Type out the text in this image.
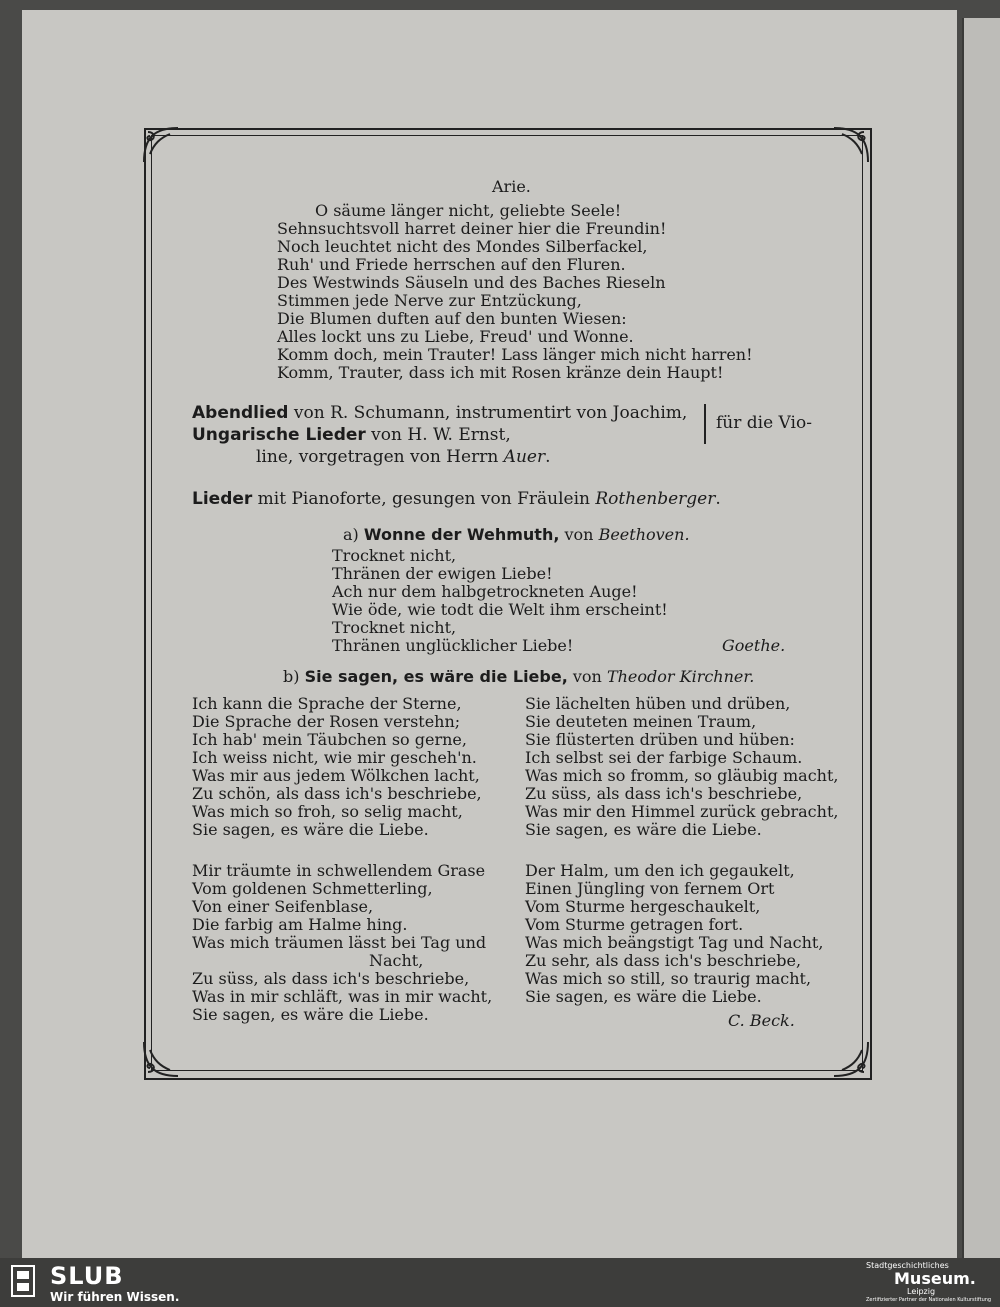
Arie.
O säume länger nicht, geliebte Seele!
Sehnsuchtsvoll harret deiner hier die Freundin!
Noch leuchtet nicht des Mondes Silberfackel,
Ruh' und Friede herrschen auf den Fluren.
Des Westwinds Säuseln und des Baches Rieseln
Stimmen jede Nerve zur Entzückung,
Die Blumen duften auf den bunten Wiesen:
Alles lockt uns zu Liebe, Freud' und Wonne.
Komm doch, mein Trauter! Lass länger mich nicht harren!
Komm, Trauter, dass ich mit Rosen kränze dein Haupt!
Abendlied von R. Schumann, instrumentirt von Joachim,
Ungarische Lieder von H. W. Ernst,
für die Vio-
line, vorgetragen von Herrn Auer.
Lieder mit Pianoforte, gesungen von Fräulein Rothenberger.
a) Wonne der Wehmuth, von Beethoven.
Trocknet nicht,
Thränen der ewigen Liebe!
Ach nur dem halbgetrockneten Auge!
Wie öde, wie todt die Welt ihm erscheint!
Trocknet nicht,
Thränen unglücklicher Liebe!	Goethe.
b) Sie sagen, es wäre die Liebe, von Theodor Kirchner.
Ich kann die Sprache der Sterne,
Die Sprache der Rosen verstehn;
Ich hab' mein Täubchen so gerne,
Ich weiss nicht, wie mir gescheh'n.
Was mir aus jedem Wölkchen lacht,
Zu schön, als dass ich's beschriebe,
Was mich so froh, so selig macht,
Sie sagen, es wäre die Liebe.
Sie lächelten hüben und drüben,
Sie deuteten meinen Traum,
Sie flüsterten drüben und hüben:
Ich selbst sei der farbige Schaum.
Was mich so fromm, so gläubig macht,
Zu süss, als dass ich's beschriebe,
Was mir den Himmel zurück gebracht,
Sie sagen, es wäre die Liebe.
Mir träumte in schwellendem Grase
Vom goldenen Schmetterling,
Von einer Seifenblase,
Die farbig am Halme hing.
Was mich träumen lässt bei Tag und
Nacht,
Zu süss, als dass ich's beschriebe,
Was in mir schläft, was in mir wacht,
Sie sagen, es wäre die Liebe.
Der Halm, um den ich gegaukelt,
Einen Jüngling von fernem Ort
Vom Sturme hergeschaukelt,
Vom Sturme getragen fort.
Was mich beängstigt Tag und Nacht,
Zu sehr, als dass ich's beschriebe,
Was mich so still, so traurig macht,
Sie sagen, es wäre die Liebe.
C. Beck.
SLUB
Wir führen Wissen.
Stadtgeschichtliches
Museum.
Leipzig
Zertifizierter Partner der Nationalen Kulturstiftung
